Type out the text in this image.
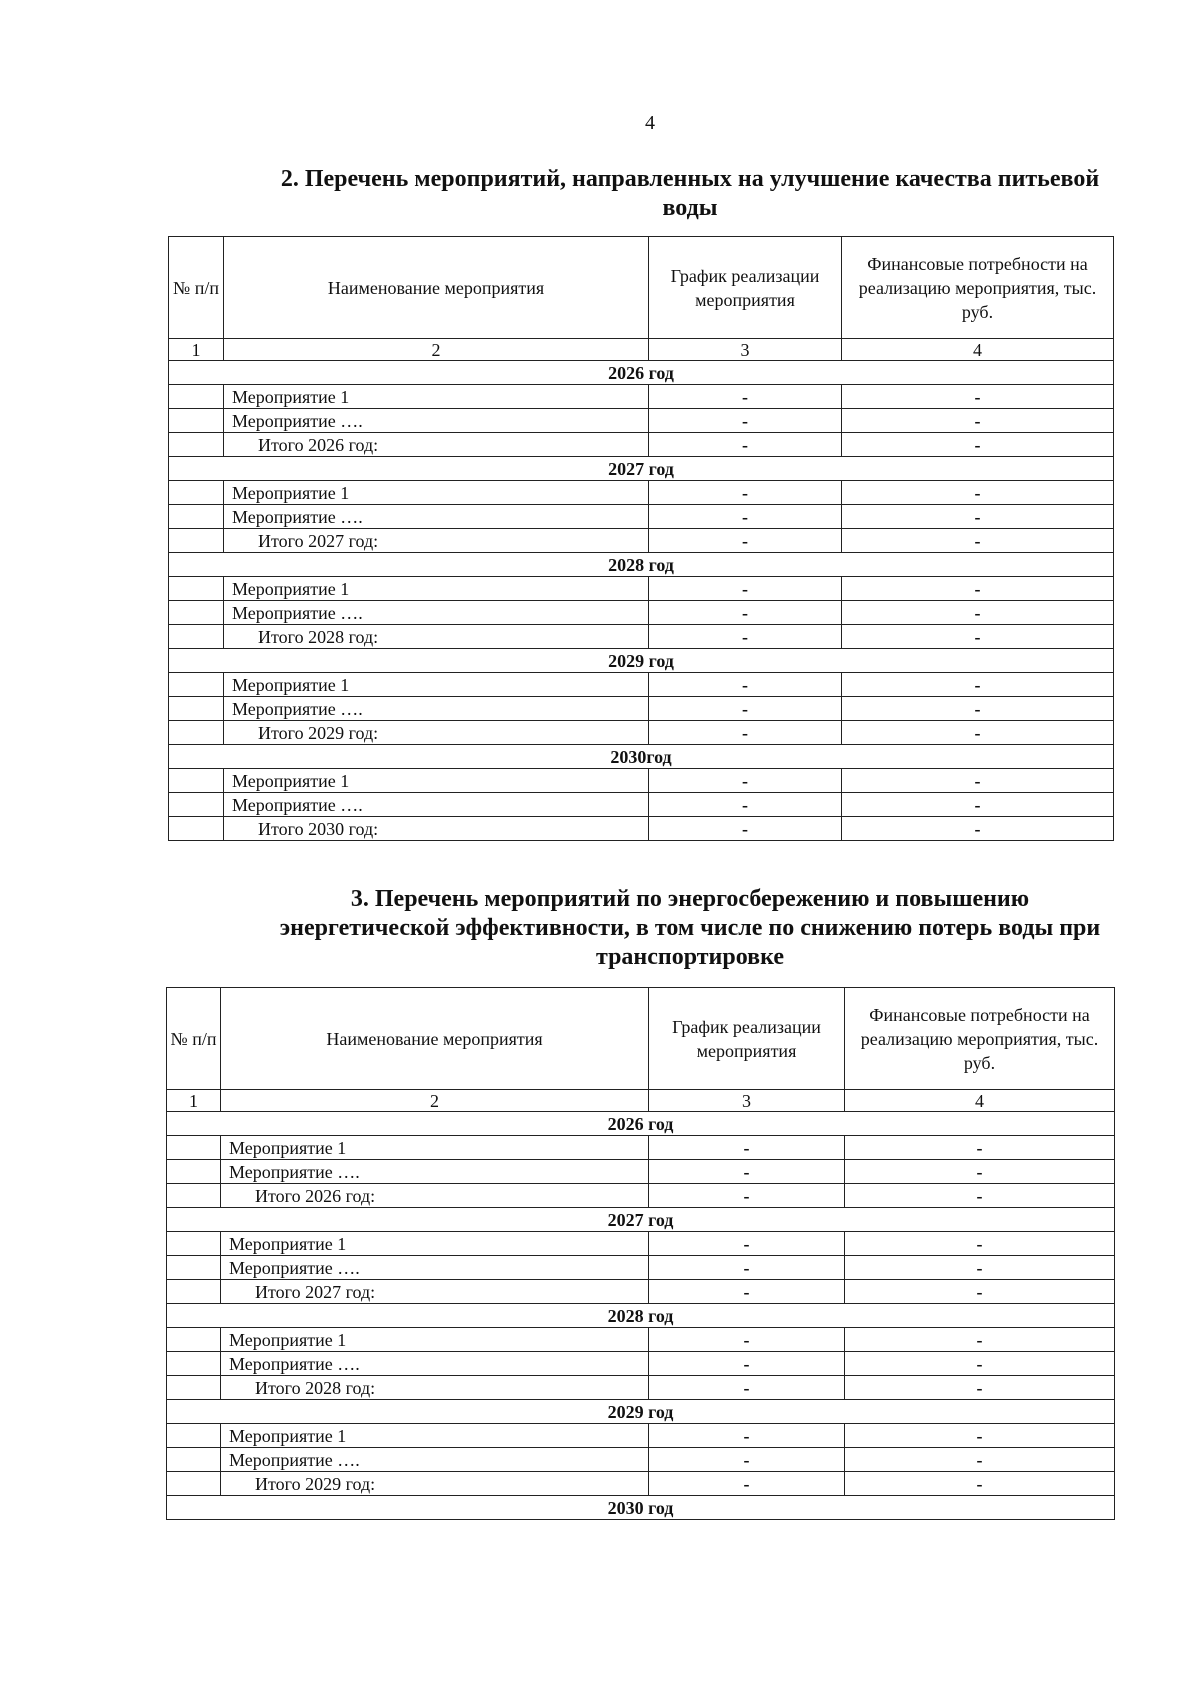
4
2. Перечень мероприятий, направленных на улучшение качества питьевой воды
№ п/п	Наименование мероприятия	График реализации мероприятия	Финансовые потребности на реализацию мероприятия, тыс. руб.
1	2	3	4
2026 год			
	Мероприятие 1	-	-
	Мероприятие ….	-	-
	Итого 2026 год:	-	-
2027 год			
	Мероприятие 1	-	-
	Мероприятие ….	-	-
	Итого 2027 год:	-	-
2028 год			
	Мероприятие 1	-	-
	Мероприятие ….	-	-
	Итого 2028 год:	-	-
2029 год			
	Мероприятие 1	-	-
	Мероприятие ….	-	-
	Итого 2029 год:	-	-
2030год			
	Мероприятие 1	-	-
	Мероприятие ….	-	-
	Итого 2030 год:	-	-
3. Перечень мероприятий по энергосбережению и повышению энергетической эффективности, в том числе по снижению потерь воды при транспортировке
№ п/п	Наименование мероприятия	График реализации мероприятия	Финансовые потребности на реализацию мероприятия, тыс. руб.
1	2	3	4
2026 год			
	Мероприятие 1	-	-
	Мероприятие ….	-	-
	Итого 2026 год:	-	-
2027 год			
	Мероприятие 1	-	-
	Мероприятие ….	-	-
	Итого 2027 год:	-	-
2028 год			
	Мероприятие 1	-	-
	Мероприятие ….	-	-
	Итого 2028 год:	-	-
2029 год			
	Мероприятие 1	-	-
	Мероприятие ….	-	-
	Итого 2029 год:	-	-
2030 год			
